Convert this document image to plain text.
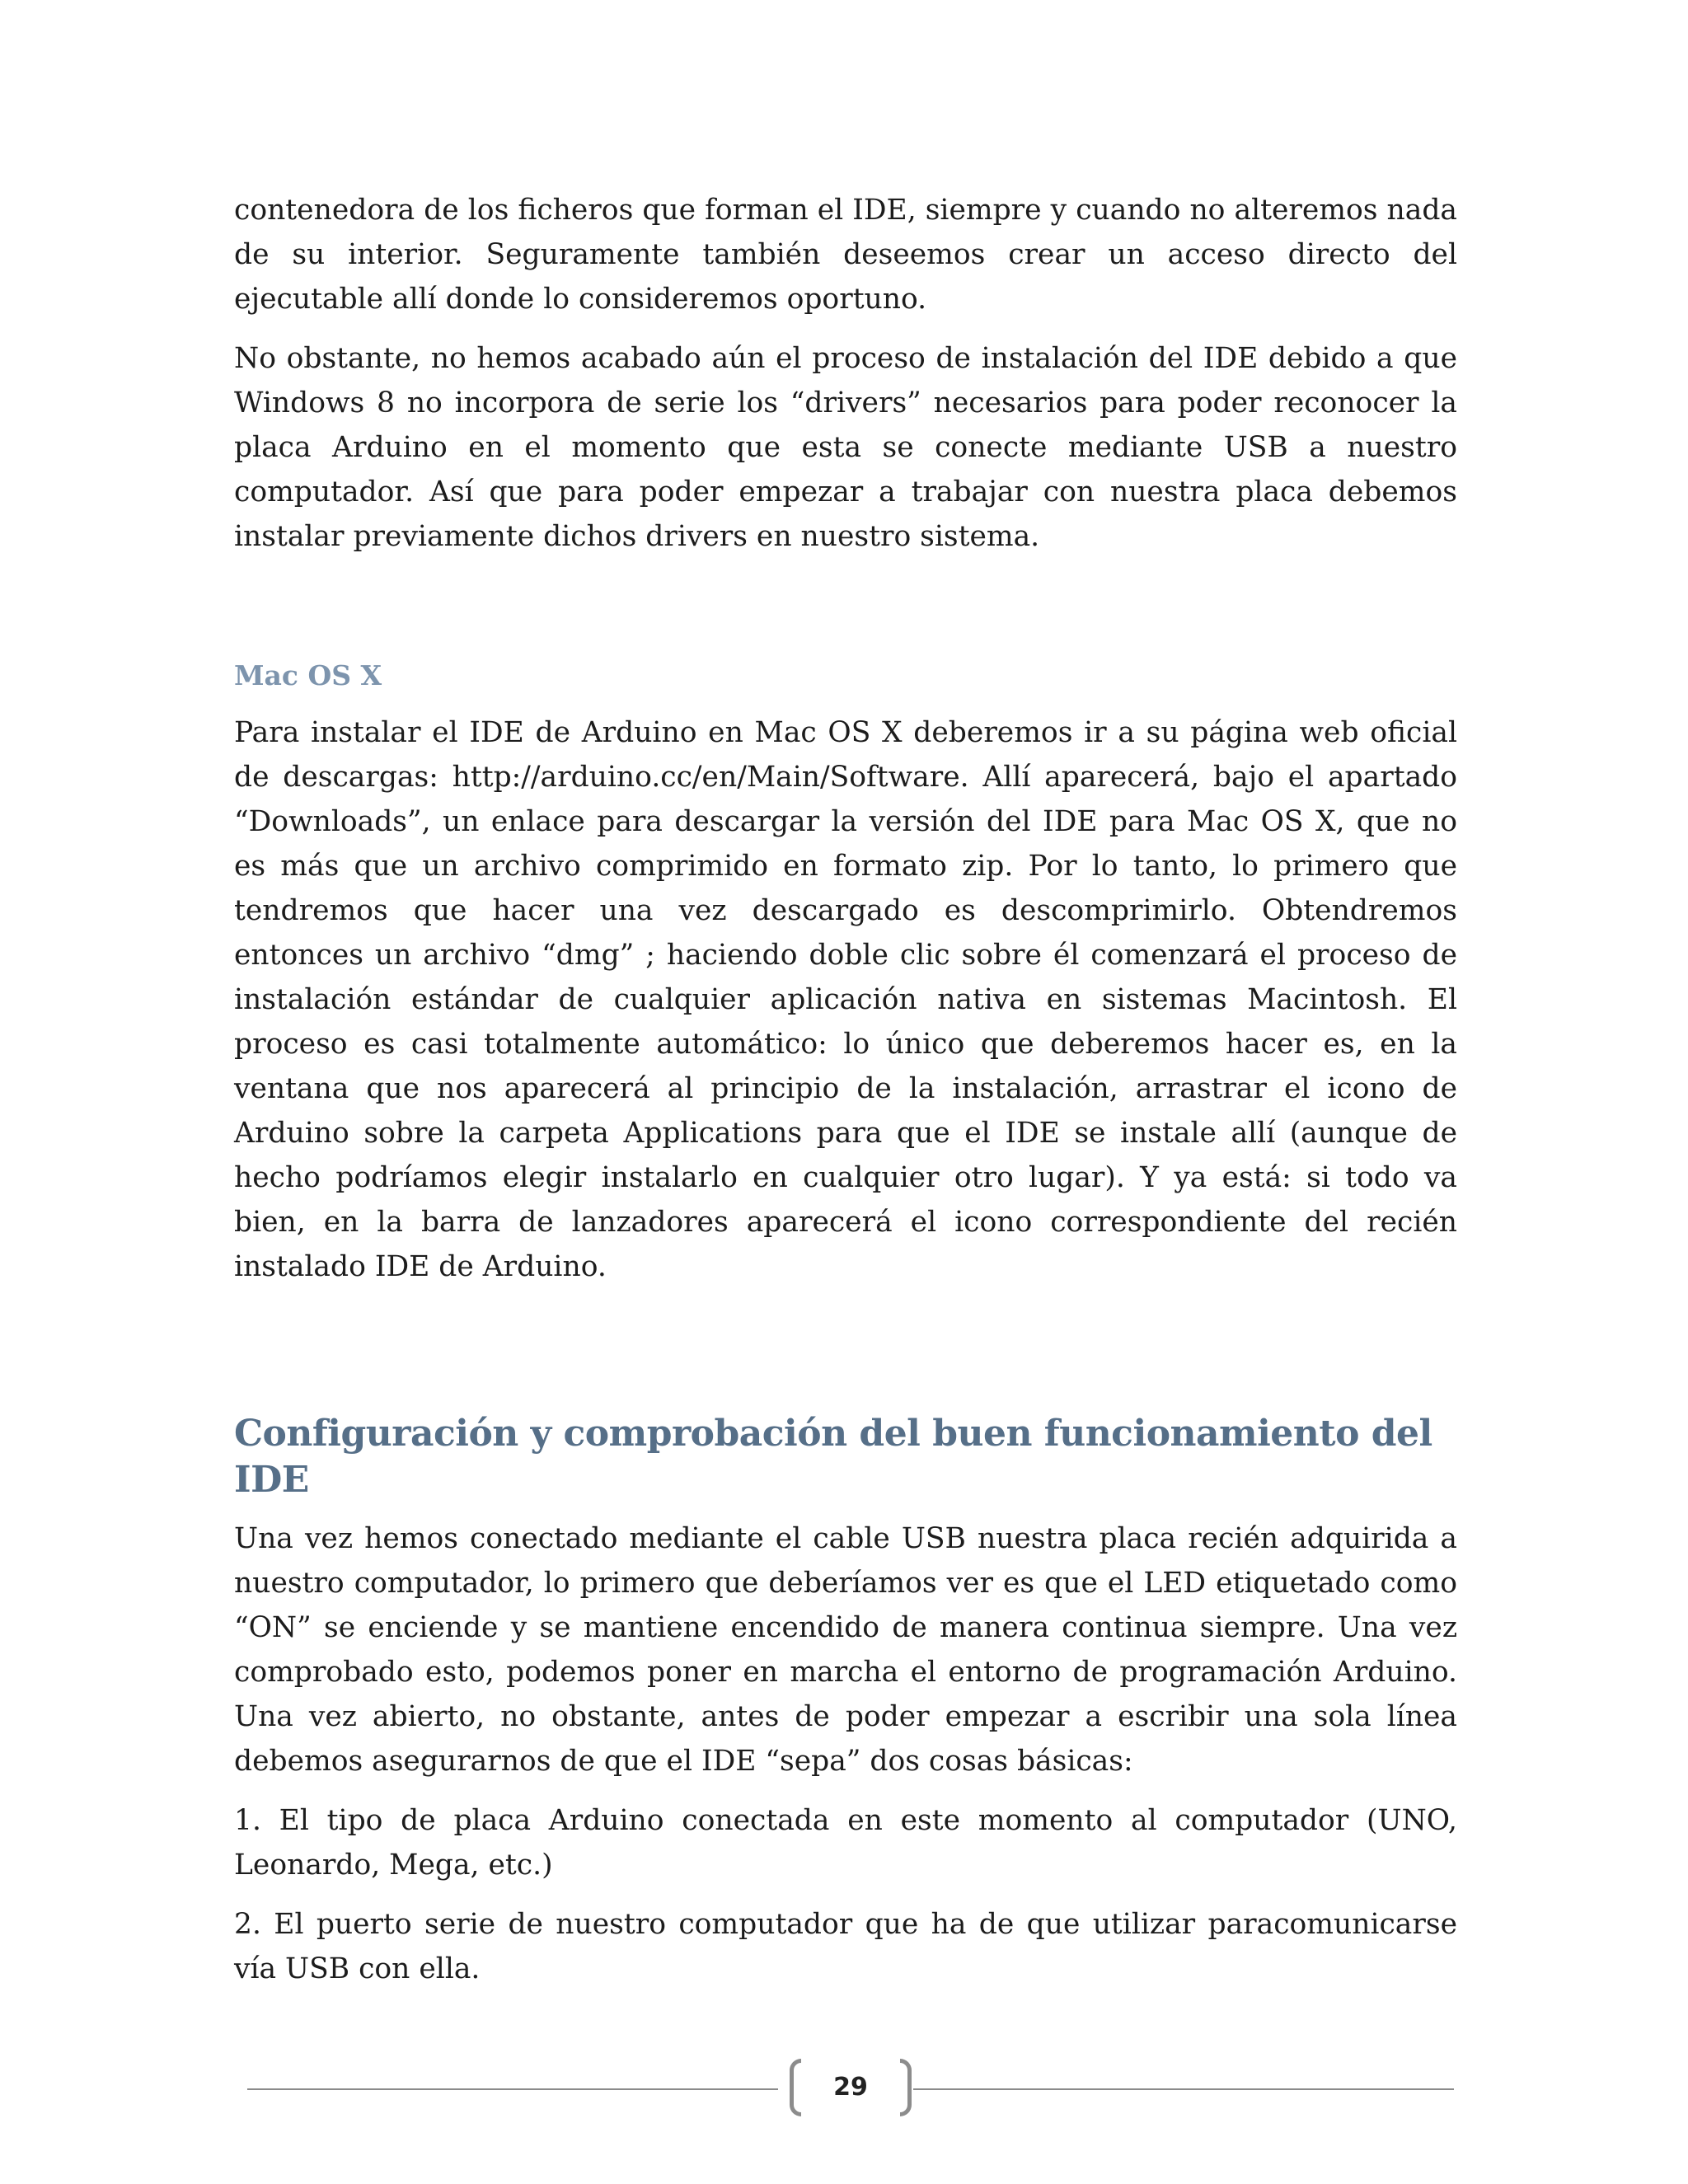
contenedora de los ficheros que forman el IDE, siempre y cuando no alteremos nada de su interior. Seguramente también deseemos crear un acceso directo del ejecutable allí donde lo consideremos oportuno.

No obstante, no hemos acabado aún el proceso de instalación del IDE debido a que Windows 8 no incorpora de serie los “drivers” necesarios para poder reconocer la placa Arduino en el momento que esta se conecte mediante USB a nuestro computador. Así que para poder empezar a trabajar con nuestra placa debemos instalar previamente dichos drivers en nuestro sistema.

Mac OS X

Para instalar el IDE de Arduino en Mac OS X deberemos ir a su página web oficial de descargas: http://arduino.cc/en/Main/Software. Allí aparecerá, bajo el apartado “Downloads”, un enlace para descargar la versión del IDE para Mac OS X, que no es más que un archivo comprimido en formato zip. Por lo tanto, lo primero que tendremos que hacer una vez descargado es descomprimirlo. Obtendremos entonces un archivo “dmg” ; haciendo doble clic sobre él comenzará el proceso de instalación estándar de cualquier aplicación nativa en sistemas Macintosh. El proceso es casi totalmente automático: lo único que deberemos hacer es, en la ventana que nos aparecerá al principio de la instalación, arrastrar el icono de Arduino sobre la carpeta Applications para que el IDE se instale allí (aunque de hecho podríamos elegir instalarlo en cualquier otro lugar). Y ya está: si todo va bien, en la barra de lanzadores aparecerá el icono correspondiente del recién instalado IDE de Arduino.

Configuración y comprobación del buen funcionamiento del IDE

Una vez hemos conectado mediante el cable USB nuestra placa recién adquirida a nuestro computador, lo primero que deberíamos ver es que el LED etiquetado como “ON” se enciende y se mantiene encendido de manera continua siempre. Una vez comprobado esto, podemos poner en marcha el entorno de programación Arduino. Una vez abierto, no obstante, antes de poder empezar a escribir una sola línea debemos asegurarnos de que el IDE “sepa” dos cosas básicas:

1. El tipo de placa Arduino conectada en este momento al computador (UNO, Leonardo, Mega, etc.)

2. El puerto serie de nuestro computador que ha de que utilizar paracomunicarse vía USB con ella.

29
